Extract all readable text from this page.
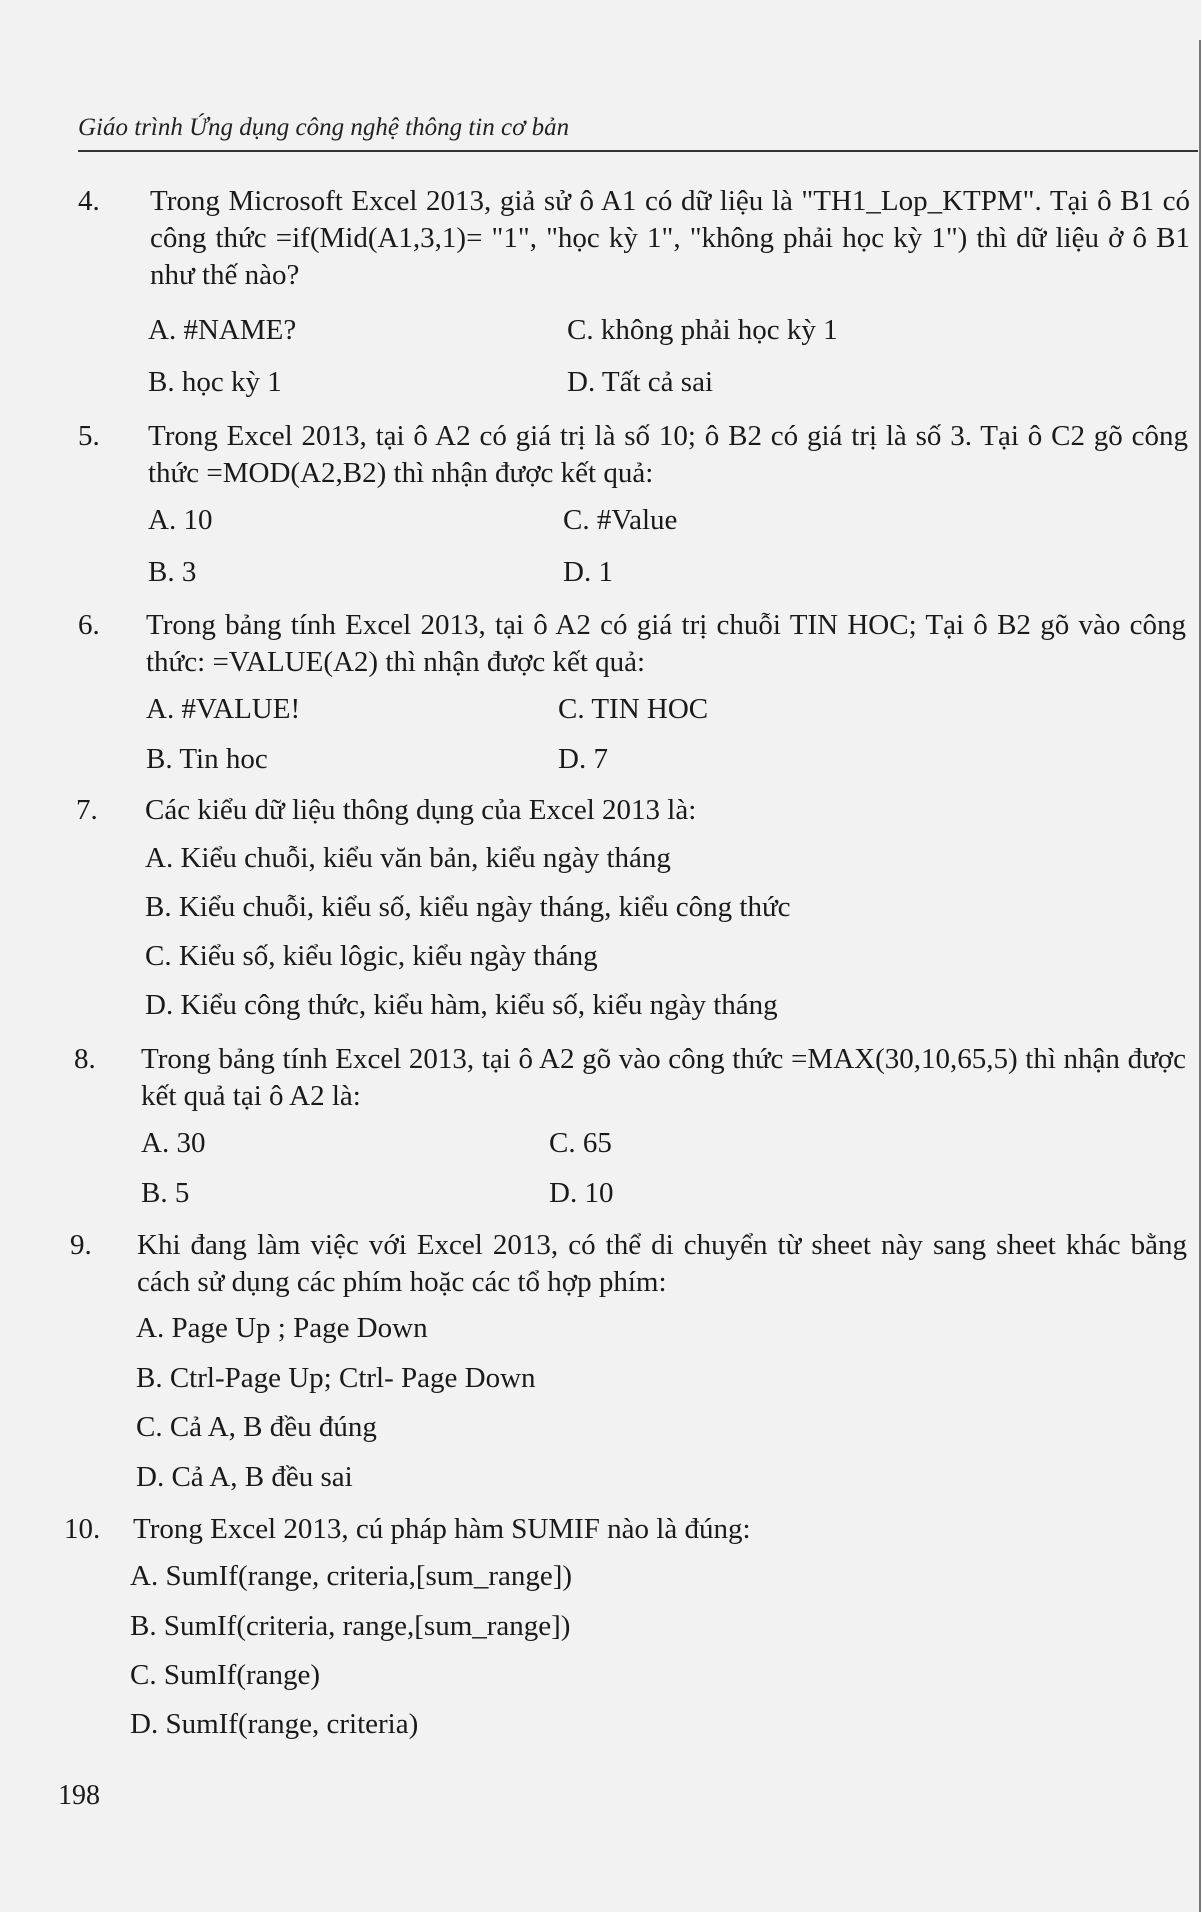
Giáo trình Ứng dụng công nghệ thông tin cơ bản
4. Trong Microsoft Excel 2013, giả sử ô A1 có dữ liệu là "TH1_Lop_KTPM". Tại ô B1 có công thức =if(Mid(A1,3,1)= "1", "học kỳ 1", "không phải học kỳ 1") thì dữ liệu ở ô B1 như thế nào?
A. #NAME?	C. không phải học kỳ 1
B. học kỳ 1	D. Tất cả sai
5. Trong Excel 2013, tại ô A2 có giá trị là số 10; ô B2 có giá trị là số 3. Tại ô C2 gõ công thức =MOD(A2,B2) thì nhận được kết quả:
A. 10	C. #Value
B. 3	D. 1
6. Trong bảng tính Excel 2013, tại ô A2 có giá trị chuỗi TIN HOC; Tại ô B2 gõ vào công thức: =VALUE(A2) thì nhận được kết quả:
A. #VALUE!	C. TIN HOC
B. Tin hoc	D. 7
7. Các kiểu dữ liệu thông dụng của Excel 2013 là:
A. Kiểu chuỗi, kiểu văn bản, kiểu ngày tháng
B. Kiểu chuỗi, kiểu số, kiểu ngày tháng, kiểu công thức
C. Kiểu số, kiểu lôgic, kiểu ngày tháng
D. Kiểu công thức, kiểu hàm, kiểu số, kiểu ngày tháng
8. Trong bảng tính Excel 2013, tại ô A2 gõ vào công thức =MAX(30,10,65,5) thì nhận được kết quả tại ô A2 là:
A. 30	C. 65
B. 5	D. 10
9. Khi đang làm việc với Excel 2013, có thể di chuyển từ sheet này sang sheet khác bằng cách sử dụng các phím hoặc các tổ hợp phím:
A. Page Up ; Page Down
B. Ctrl-Page Up; Ctrl- Page Down
C. Cả A, B đều đúng
D. Cả A, B đều sai
10. Trong Excel 2013, cú pháp hàm SUMIF nào là đúng:
A. SumIf(range, criteria,[sum_range])
B. SumIf(criteria, range,[sum_range])
C. SumIf(range)
D. SumIf(range, criteria)
198
